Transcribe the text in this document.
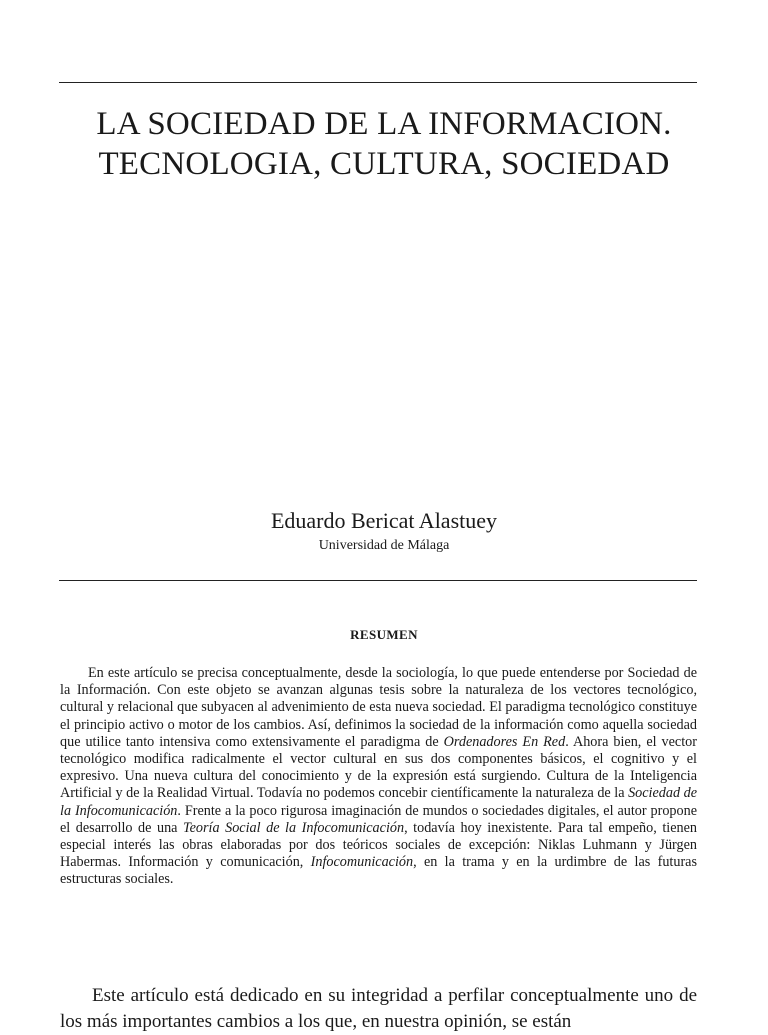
LA SOCIEDAD DE LA INFORMACION.
TECNOLOGIA, CULTURA, SOCIEDAD
Eduardo Bericat Alastuey
Universidad de Málaga
RESUMEN

En este artículo se precisa conceptualmente, desde la sociología, lo que puede entenderse por Sociedad de la Información. Con este objeto se avanzan algunas tesis sobre la naturaleza de los vectores tecnológico, cultural y relacional que subyacen al advenimiento de esta nueva sociedad. El paradigma tecnológico constituye el principio activo o motor de los cambios. Así, definimos la sociedad de la información como aquella sociedad que utilice tanto intensiva como extensivamente el paradigma de Ordenadores En Red. Ahora bien, el vector tecnológico modifica radicalmente el vector cultural en sus dos componentes básicos, el cognitivo y el expresivo. Una nueva cultura del conocimiento y de la expresión está surgiendo. Cultura de la Inteligencia Artificial y de la Realidad Virtual. Todavía no podemos concebir científicamente la naturaleza de la Sociedad de la Infocomunicación. Frente a la poco rigurosa imaginación de mundos o sociedades digitales, el autor propone el desarrollo de una Teoría Social de la Infocomunicación, todavía hoy inexistente. Para tal empeño, tienen especial interés las obras elaboradas por dos teóricos sociales de excepción: Niklas Luhmann y Jürgen Habermas. Información y comunicación, Infocomunicación, en la trama y en la urdimbre de las futuras estructuras sociales.

Este artículo está dedicado en su integridad a perfilar conceptualmente uno de los más importantes cambios a los que, en nuestra opinión, se están
